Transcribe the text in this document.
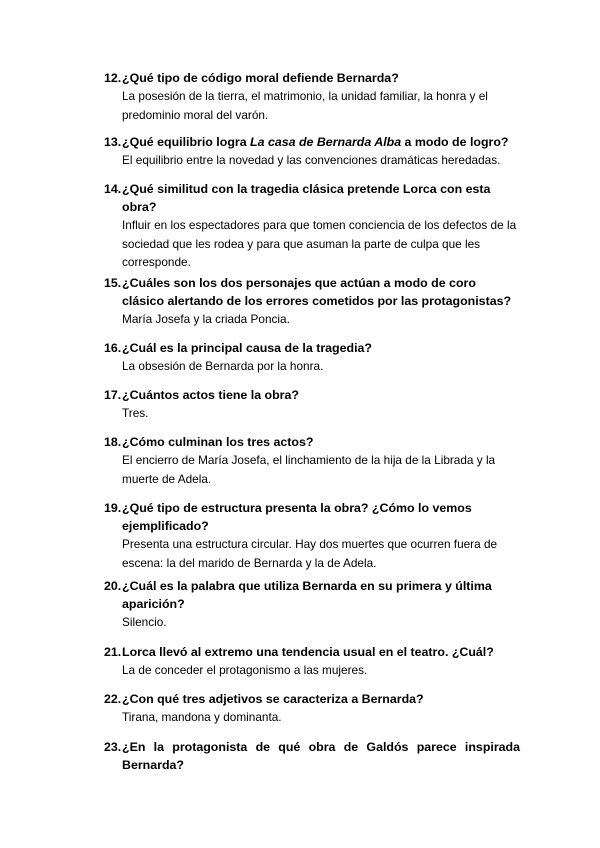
12. ¿Qué tipo de código moral defiende Bernarda?
La posesión de la tierra, el matrimonio, la unidad familiar, la honra y el predominio moral del varón.
13. ¿Qué equilibrio logra La casa de Bernarda Alba a modo de logro?
El equilibrio entre la novedad y las convenciones dramáticas heredadas.
14. ¿Qué similitud con la tragedia clásica pretende Lorca con esta obra?
Influir en los espectadores para que tomen conciencia de los defectos de la sociedad que les rodea y para que asuman la parte de culpa que les corresponde.
15. ¿Cuáles son los dos personajes que actúan a modo de coro clásico alertando de los errores cometidos por las protagonistas?
María Josefa y la criada Poncia.
16. ¿Cuál es la principal causa de la tragedia?
La obsesión de Bernarda por la honra.
17. ¿Cuántos actos tiene la obra?
Tres.
18. ¿Cómo culminan los tres actos?
El encierro de María Josefa, el linchamiento de la hija de la Librada y la muerte de Adela.
19. ¿Qué tipo de estructura presenta la obra? ¿Cómo lo vemos ejemplificado?
Presenta una estructura circular. Hay dos muertes que ocurren fuera de escena: la del marido de Bernarda y la de Adela.
20. ¿Cuál es la palabra que utiliza Bernarda en su primera y última aparición?
Silencio.
21. Lorca llevó al extremo una tendencia usual en el teatro. ¿Cuál?
La de conceder el protagonismo a las mujeres.
22. ¿Con qué tres adjetivos se caracteriza a Bernarda?
Tirana, mandona y dominanta.
23. ¿En la protagonista de qué obra de Galdós parece inspirada Bernarda?
